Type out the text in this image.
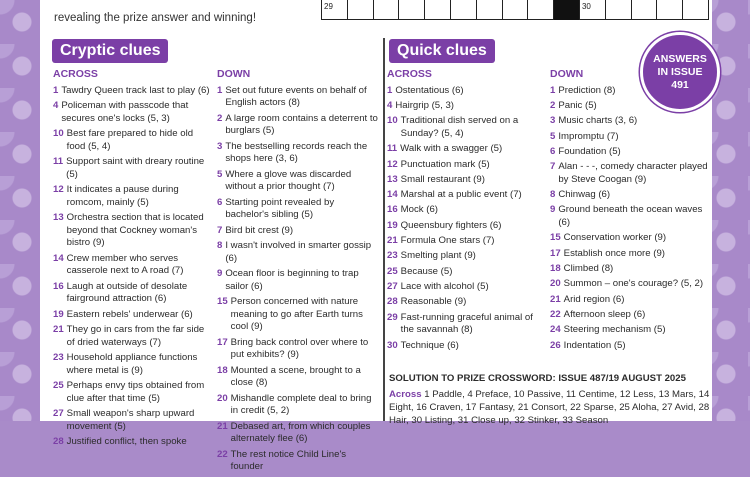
revealing the prize answer and winning!
29	30
Cryptic clues
ACROSS
1 Tawdry Queen track last to play (6)
4 Policeman with passcode that secures one's locks (5, 3)
10 Best fare prepared to hide old food (5, 4)
11 Support saint with dreary routine (5)
12 It indicates a pause during romcom, mainly (5)
13 Orchestra section that is located beyond that Cockney woman's bistro (9)
14 Crew member who serves casserole next to A road (7)
16 Laugh at outside of desolate fairground attraction (6)
19 Eastern rebels' underwear (6)
21 They go in cars from the far side of dried waterways (7)
23 Household appliance functions where metal is (9)
25 Perhaps envy tips obtained from clue after that time (5)
27 Small weapon's sharp upward movement (5)
28 Justified conflict, then spoke
DOWN
1 Set out future events on behalf of English actors (8)
2 A large room contains a deterrent to burglars (5)
3 The bestselling records reach the shops here (3, 6)
5 Where a glove was discarded without a prior thought (7)
6 Starting point revealed by bachelor's sibling (5)
7 Bird bit crest (9)
8 I wasn't involved in smarter gossip (6)
9 Ocean floor is beginning to trap sailor (6)
15 Person concerned with nature meaning to go after Earth turns cool (9)
17 Bring back control over where to put exhibits? (9)
18 Mounted a scene, brought to a close (8)
20 Mishandle complete deal to bring in credit (5, 2)
21 Debased art, from which couples alternately flee (6)
22 The rest notice Child Line's founder
Quick clues
ACROSS
1 Ostentatious (6)
4 Hairgrip (5, 3)
10 Traditional dish served on a Sunday? (5, 4)
11 Walk with a swagger (5)
12 Punctuation mark (5)
13 Small restaurant (9)
14 Marshal at a public event (7)
16 Mock (6)
19 Queensbury fighters (6)
21 Formula One stars (7)
23 Smelting plant (9)
25 Because (5)
27 Lace with alcohol (5)
28 Reasonable (9)
29 Fast-running graceful animal of the savannah (8)
30 Technique (6)
DOWN
1 Prediction (8)
2 Panic (5)
3 Music charts (3, 6)
5 Impromptu (7)
6 Foundation (5)
7 Alan - - -, comedy character played by Steve Coogan (9)
8 Chinwag (6)
9 Ground beneath the ocean waves (6)
15 Conservation worker (9)
17 Establish once more (9)
18 Climbed (8)
20 Summon – one's courage? (5, 2)
21 Arid region (6)
22 Afternoon sleep (6)
24 Steering mechanism (5)
26 Indentation (5)
SOLUTION TO PRIZE CROSSWORD: ISSUE 487/19 AUGUST 2025
Across 1 Paddle, 4 Preface, 10 Passive, 11 Centime, 12 Less, 13 Mars, 14 Eight, 16 Craven, 17 Fantasy, 21 Consort, 22 Sparse, 25 Aloha, 27 Avid, 28 Hair, 30 Listing, 31 Close up, 32 Stinker, 33 Season
ANSWERS
IN ISSUE
491
